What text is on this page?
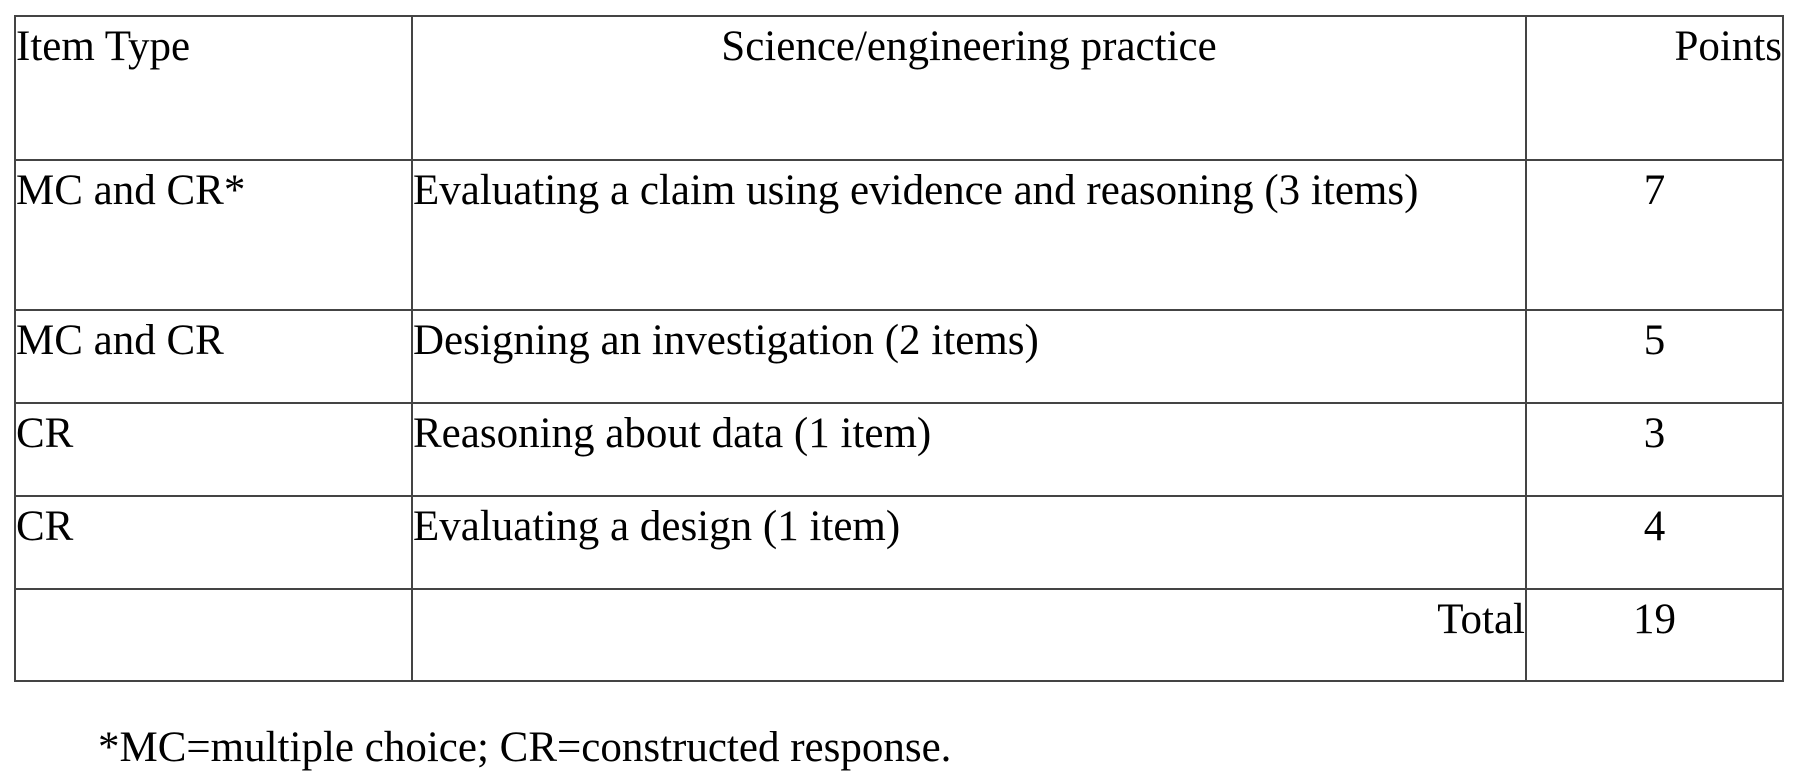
Item Type	Science/engineering practice	Points
MC and CR*	Evaluating a claim using evidence and reasoning (3 items)	7
MC and CR	Designing an investigation (2 items)	5
CR	Reasoning about data (1 item)	3
CR	Evaluating a design (1 item)	4
	Total	19
*MC=multiple choice; CR=constructed response.
